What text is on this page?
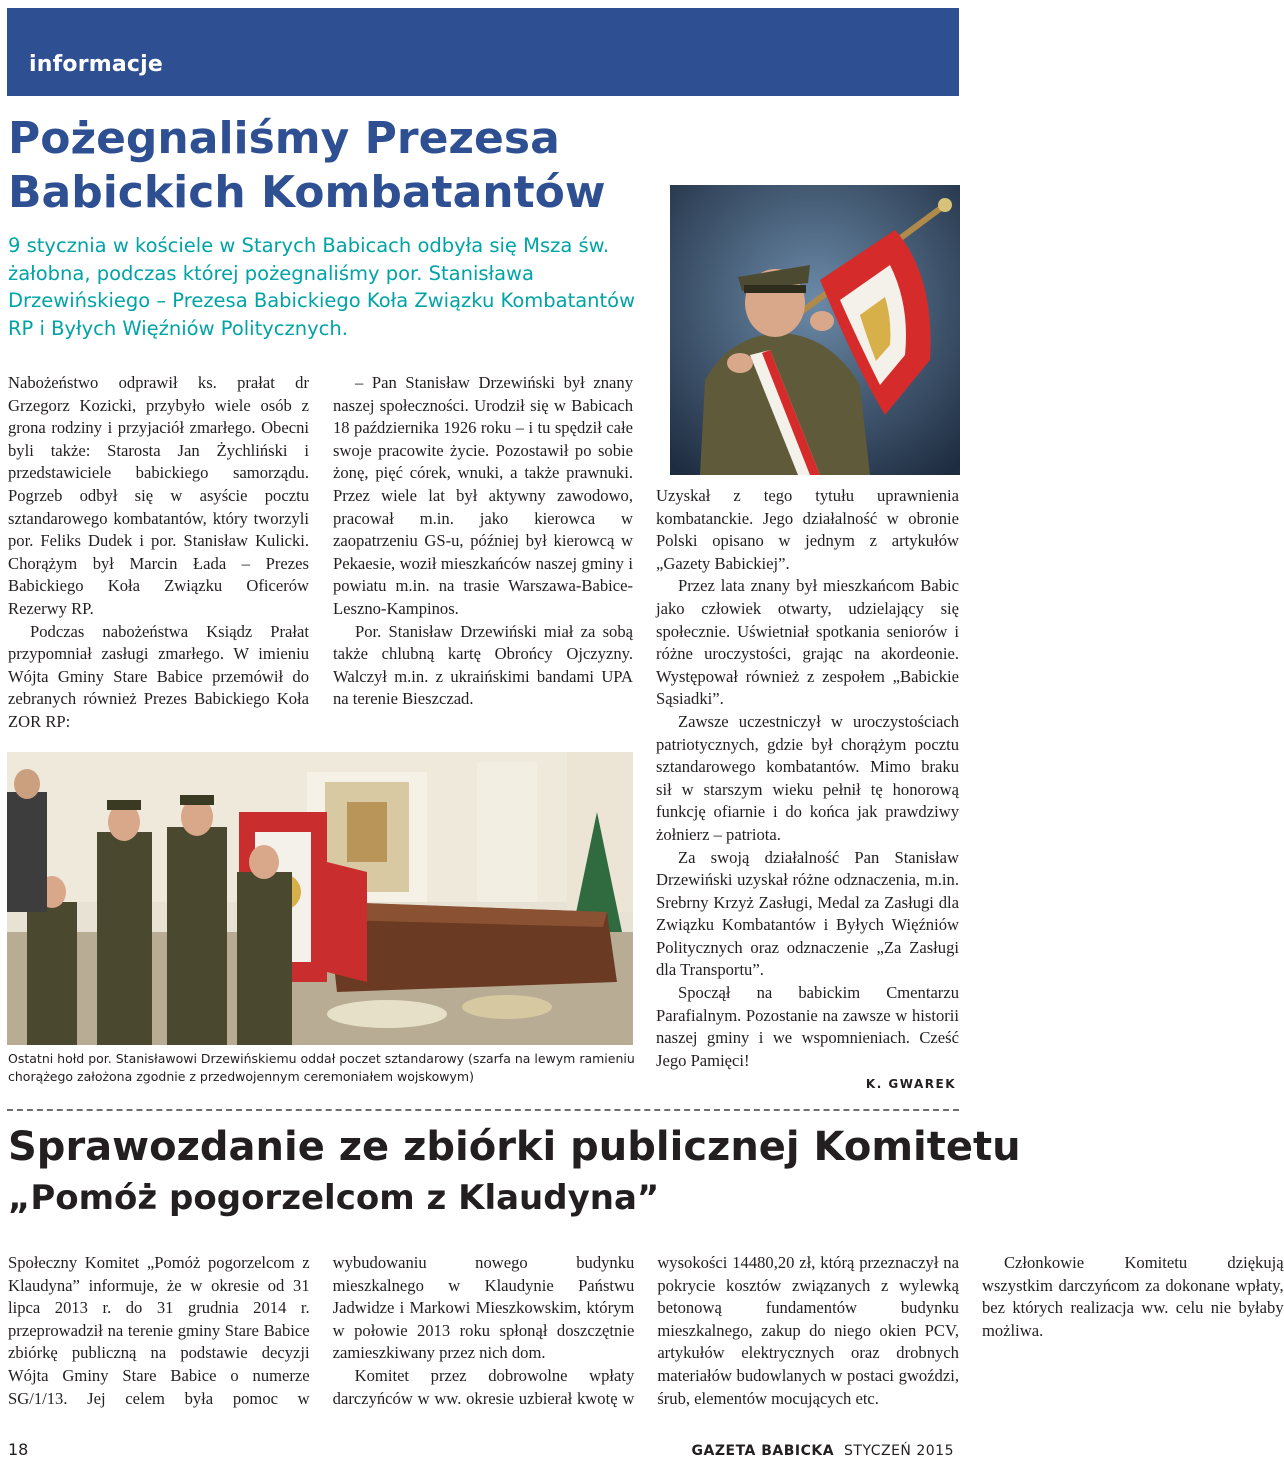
informacje
Pożegnaliśmy Prezesa Babickich Kombatantów

9 stycznia w kościele w Starych Babicach odbyła się Msza św. żałobna, podczas której pożegnaliśmy por. Stanisława Drzewińskiego – Prezesa Babickiego Koła Związku Kombatantów RP i Byłych Więźniów Politycznych.

Nabożeństwo odprawił ks. prałat dr Grzegorz Kozicki, przybyło wiele osób z grona rodziny i przyjaciół zmarłego. Obecni byli także: Starosta Jan Żychliński i przedstawiciele babickiego samorządu. Pogrzeb odbył się w asyście pocztu sztandarowego kombatantów, który tworzyli por. Feliks Dudek i por. Stanisław Kulicki. Chorążym był Marcin Łada – Prezes Babickiego Koła Związku Oficerów Rezerwy RP.

Podczas nabożeństwa Ksiądz Prałat przypomniał zasługi zmarłego. W imieniu Wójta Gminy Stare Babice przemówił do zebranych również Prezes Babickiego Koła ZOR RP:

– Pan Stanisław Drzewiński był znany naszej społeczności. Urodził się w Babicach 18 października 1926 roku – i tu spędził całe swoje pracowite życie. Pozostawił po sobie żonę, pięć córek, wnuki, a także prawnuki. Przez wiele lat był aktywny zawodowo, pracował m.in. jako kierowca w zaopatrzeniu GS-u, później był kierowcą w Pekaesie, woził mieszkańców naszej gminy i powiatu m.in. na trasie Warszawa-Babice-Leszno-Kampinos.

Por. Stanisław Drzewiński miał za sobą także chlubną kartę Obrońcy Ojczyzny. Walczył m.in. z ukraińskimi bandami UPA na terenie Bieszczad.

Uzyskał z tego tytułu uprawnienia kombatanckie. Jego działalność w obronie Polski opisano w jednym z artykułów „Gazety Babickiej”.

Przez lata znany był mieszkańcom Babic jako człowiek otwarty, udzielający się społecznie. Uświetniał spotkania seniorów i różne uroczystości, grając na akordeonie. Występował również z zespołem „Babickie Sąsiadki”.

Zawsze uczestniczył w uroczystościach patriotycznych, gdzie był chorążym pocztu sztandarowego kombatantów. Mimo braku sił w starszym wieku pełnił tę honorową funkcję ofiarnie i do końca jak prawdziwy żołnierz – patriota.

Za swoją działalność Pan Stanisław Drzewiński uzyskał różne odznaczenia, m.in. Srebrny Krzyż Zasługi, Medal za Zasługi dla Związku Kombatantów i Byłych Więźniów Politycznych oraz odznaczenie „Za Zasługi dla Transportu”.

Spoczął na babickim Cmentarzu Parafialnym. Pozostanie na zawsze w historii naszej gminy i we wspomnieniach. Cześć Jego Pamięci!

Ostatni hołd por. Stanisławowi Drzewińskiemu oddał poczet sztandarowy (szarfa na lewym ramieniu chorążego założona zgodnie z przedwojennym ceremoniałem wojskowym)	K. GWAREK
Sprawozdanie ze zbiórki publicznej Komitetu
„Pomóż pogorzelcom z Klaudyna”

Społeczny Komitet „Pomóż pogorzelcom z Klaudyna” informuje, że w okresie od 31 lipca 2013 r. do 31 grudnia 2014 r. przeprowadził na terenie gminy Stare Babice zbiórkę publiczną na podstawie decyzji Wójta Gminy Stare Babice o numerze SG/1/13. Jej celem była pomoc w wybudowaniu nowego budynku mieszkalnego w Klaudynie Państwu Jadwidze i Markowi Mieszkowskim, którym w połowie 2013 roku spłonął doszczętnie zamieszkiwany przez nich dom.

Komitet przez dobrowolne wpłaty darczyńców w ww. okresie uzbierał kwotę w wysokości 14480,20 zł, którą przeznaczył na pokrycie kosztów związanych z wylewką betonową fundamentów budynku mieszkalnego, zakup do niego okien PCV, artykułów elektrycznych oraz drobnych materiałów budowlanych w postaci gwoździ, śrub, elementów mocujących etc.

Członkowie Komitetu dziękują wszystkim darczyńcom za dokonane wpłaty, bez których realizacja ww. celu nie byłaby możliwa.

18	GAZETA BABICKA STYCZEŃ 2015
